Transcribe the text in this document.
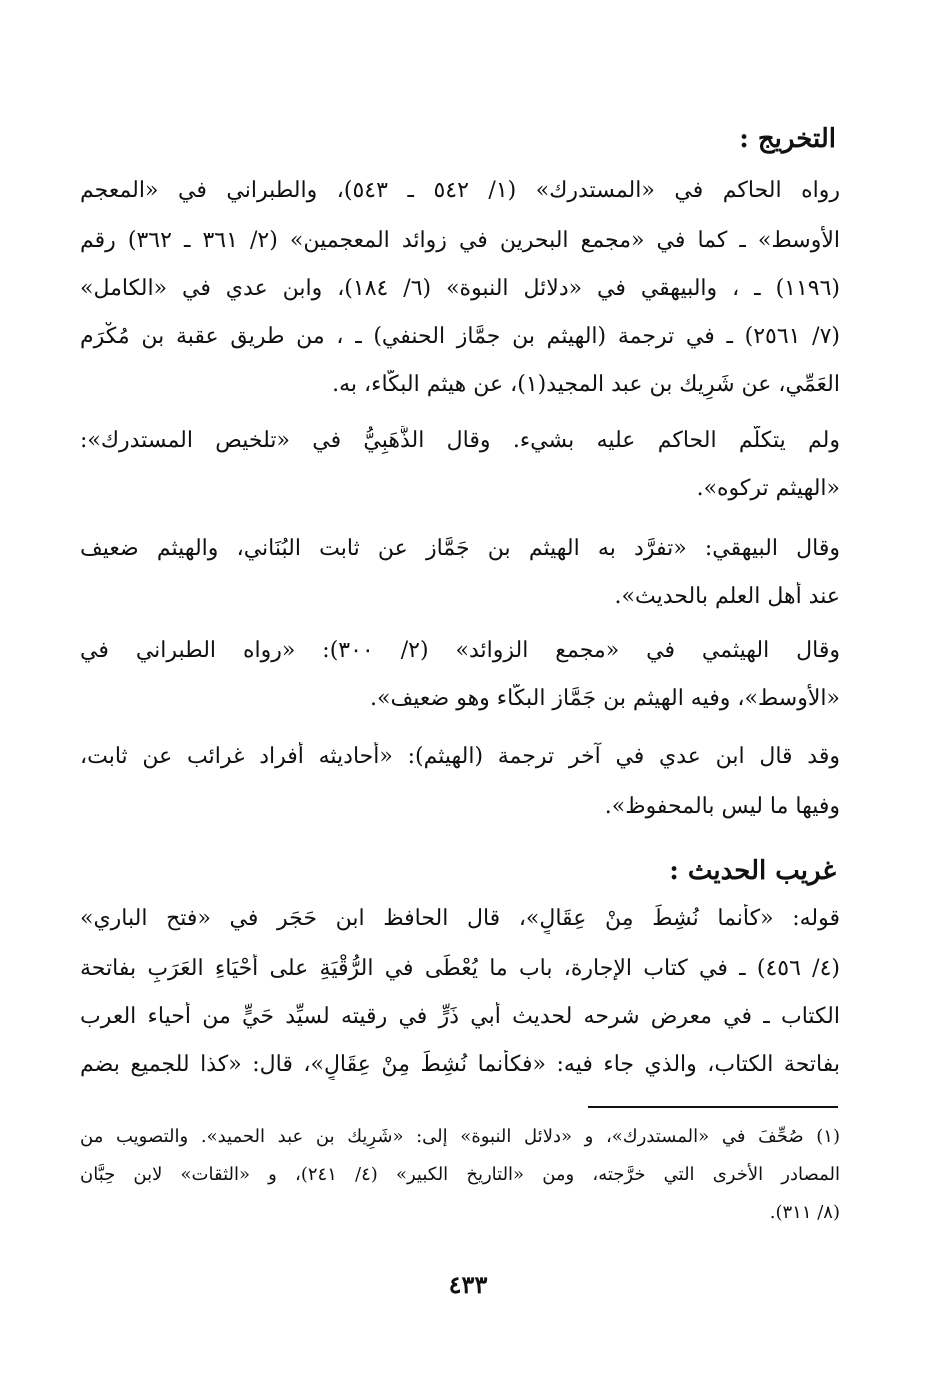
التخريج :
رواه الحاكم في «المستدرك» (١/ ٥٤٢ ـ ٥٤٣)، والطبراني في «المعجم
الأوسط» ـ كما في «مجمع البحرين في زوائد المعجمين» (٢/ ٣٦١ ـ ٣٦٢) رقم
(١١٩٦) ـ ، والبيهقي في «دلائل النبوة» (٦/ ١٨٤)، وابن عدي في «الكامل»
(٧/ ٢٥٦١) ـ في ترجمة (الهيثم بن جمَّاز الحنفي) ـ ، من طريق عقبة بن مُكْرَم
العَمِّي، عن شَرِيك بن عبد المجيد(١)، عن هيثم البكَّاء، به.
ولم يتكلَّم الحاكم عليه بشيء. وقال الذَّهَبِيُّ في «تلخيص المستدرك»:
«الهيثم تركوه».
وقال البيهقي: «تفرَّد به الهيثم بن جَمَّاز عن ثابت البُنَاني، والهيثم ضعيف
عند أهل العلم بالحديث».
وقال الهيثمي في «مجمع الزوائد» (٢/ ٣٠٠): «رواه الطبراني في
«الأوسط»، وفيه الهيثم بن جَمَّاز البكَّاء وهو ضعيف».
وقد قال ابن عدي في آخر ترجمة (الهيثم): «أحاديثه أفراد غرائب عن ثابت،
وفيها ما ليس بالمحفوظ».
غريب الحديث :
قوله: «كأنما نُشِطَ مِنْ عِقَالٍ»، قال الحافظ ابن حَجَر في «فتح الباري»
(٤/ ٤٥٦) ـ في كتاب الإجارة، باب ما يُعْطَى في الرُّقْيَةِ على أَحْيَاءِ العَرَبِ بفاتحة
الكتاب ـ في معرض شرحه لحديث أبي ذَرٍّ في رقيته لسيِّد حَيٍّ من أحياء العرب
بفاتحة الكتاب، والذي جاء فيه: «فكأنما نُشِطَ مِنْ عِقَالٍ»، قال: «كذا للجميع بضم
(١) صُحِّفَ في «المستدرك»، و «دلائل النبوة» إلى: «شَرِيك بن عبد الحميد». والتصويب من
المصادر الأخرى التي خرَّجته، ومن «التاريخ الكبير» (٤/ ٢٤١)، و «الثقات» لابن حِبَّان
(٨/ ٣١١).
٤٣٣
